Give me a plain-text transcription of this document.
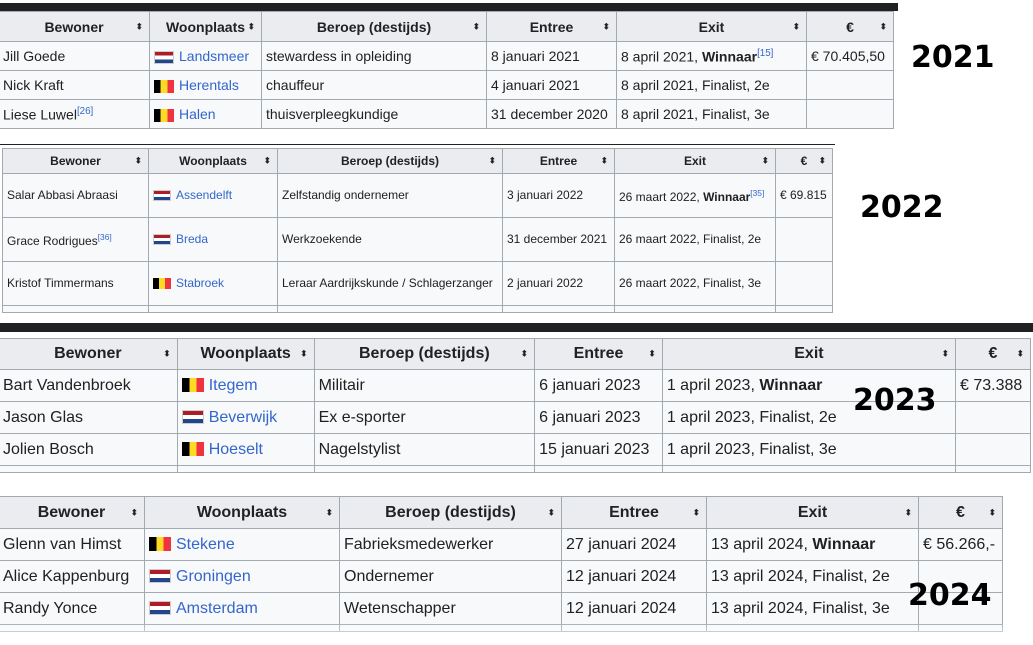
Bewoner ⬍	Woonplaats ⬍	Beroep (destijds) ⬍	Entree ⬍	Exit ⬍	€ ⬍

Jill Goede	Landsmeer	stewardess in opleiding	8 januari 2021	8 april 2021, Winnaar[15]	€ 70.405,50
Nick Kraft	Herentals	chauffeur	4 januari 2021	8 april 2021, Finalist, 2e	
Liese Luwel[26]	Halen	thuisverpleegkundige	31 december 2020	8 april 2021, Finalist, 3e	
2021
Bewoner ⬍	Woonplaats ⬍	Beroep (destijds) ⬍	Entree ⬍	Exit ⬍	€ ⬍

Salar Abbasi Abraasi	Assendelft	Zelfstandig ondernemer	3 januari 2022	26 maart 2022, Winnaar[35]	€ 69.815
Grace Rodrigues[36]	Breda	Werkzoekende	31 december 2021	26 maart 2022, Finalist, 2e	
Kristof Timmermans	Stabroek	Leraar Aardrijkskunde / Schlagerzanger	2 januari 2022	26 maart 2022, Finalist, 3e	

2022
Bewoner ⬍	Woonplaats ⬍	Beroep (destijds) ⬍	Entree ⬍	Exit ⬍	€ ⬍

Bart Vandenbroek	Itegem	Militair	6 januari 2023	1 april 2023, Winnaar	€ 73.388
Jason Glas	Beverwijk	Ex e-sporter	6 januari 2023	1 april 2023, Finalist, 2e	
Jolien Bosch	Hoeselt	Nagelstylist	15 januari 2023	1 april 2023, Finalist, 3e	

2023
Bewoner ⬍	Woonplaats ⬍	Beroep (destijds) ⬍	Entree ⬍	Exit ⬍	€ ⬍

Glenn van Himst	Stekene	Fabrieksmedewerker	27 januari 2024	13 april 2024, Winnaar	€ 56.266,-
Alice Kappenburg	Groningen	Ondernemer	12 januari 2024	13 april 2024, Finalist, 2e	
Randy Yonce	Amsterdam	Wetenschapper	12 januari 2024	13 april 2024, Finalist, 3e	
					2024
